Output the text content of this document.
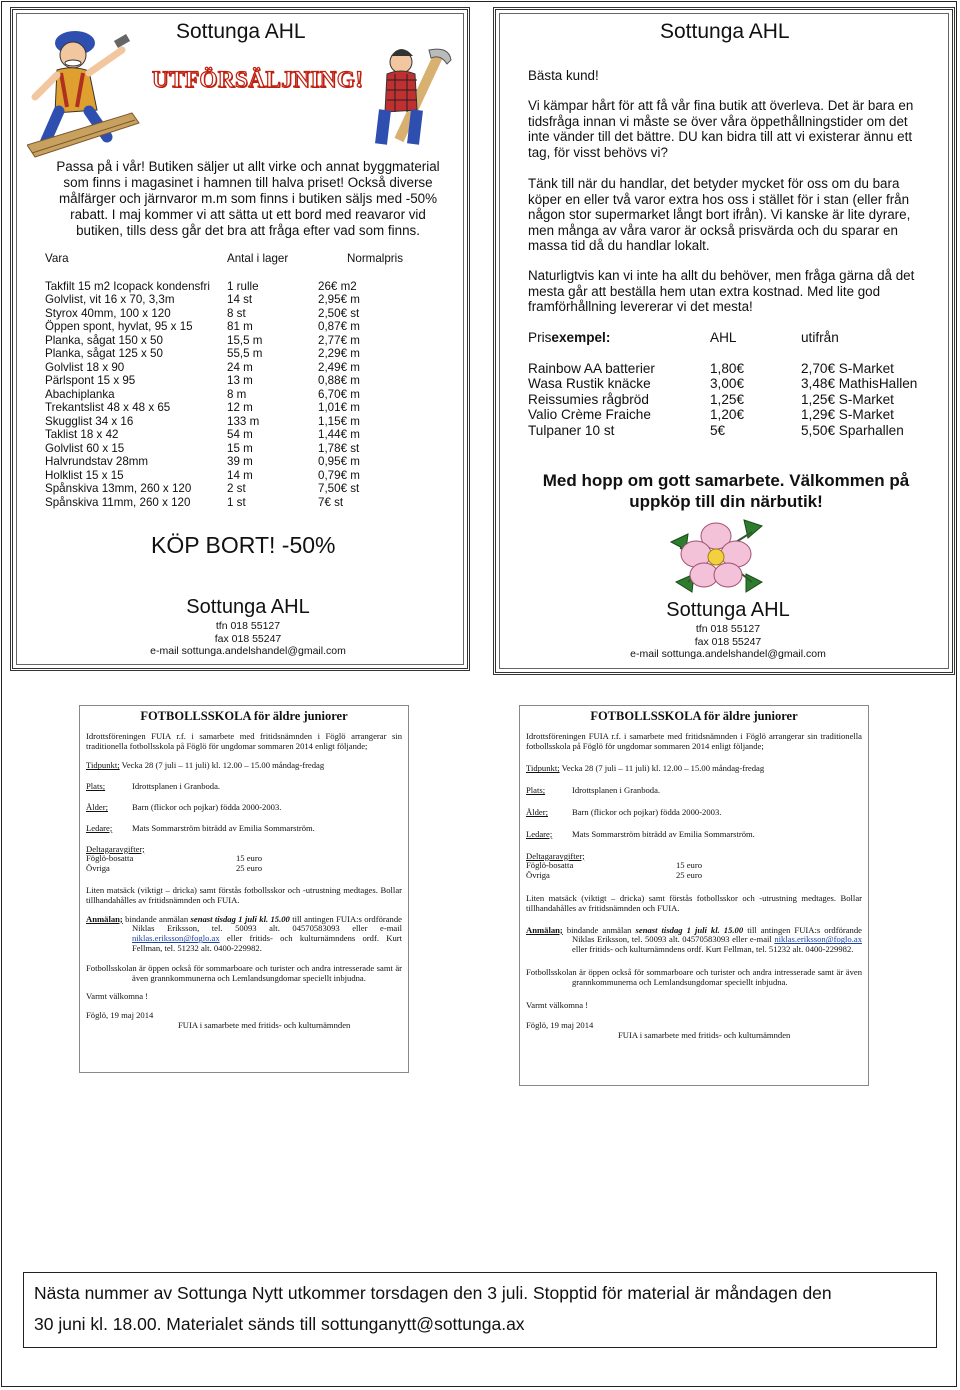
Sottunga AHL
UTFÖRSÄLJNING!

Passa på i vår! Butiken säljer ut allt virke och annat byggmaterial

som finns i magasinet i hamnen till halva priset! Också diverse

målfärger och järnvaror m.m som finns i butiken säljs med -50%

rabatt. I maj kommer vi att sätta ut ett bord med reavaror vid

butiken, tills dess går det bra att fråga efter vad som finns.

Vara	Antal i lager	Normalpris
Takfilt 15 m2 Icopack kondensfri 1 rulle	26€ m2
Golvlist, vit 16 x 70, 3,3m	14 st	2,95€ m
Styrox 40mm, 100 x 120	8 st	2,50€ st
Öppen spont, hyvlat, 95 x 15	81 m	0,87€ m
Planka, sågat 150 x 50	15,5 m	2,77€ m
Planka, sågat 125 x 50	55,5 m	2,29€ m
Golvlist 18 x 90	24 m	2,49€ m
Pärlspont 15 x 95	13 m	0,88€ m
Abachiplanka	8 m	6,70€ m
Trekantslist 48 x 48 x 65	12 m	1,01€ m
Skugglist 34 x 16	133 m	1,15€ m
Taklist 18 x 42	54 m	1,44€ m
Golvlist 60 x 15	15 m	1,78€ st
Halvrundstav 28mm	39 m	0,95€ m
Holklist 15 x 15	14 m	0,79€ m
Spånskiva 13mm, 260 x 120	2 st	7,50€ st
Spånskiva 11mm, 260 x 120	1 st	7€ st
KÖP BORT! -50%
Sottunga AHL
tfn 018 55127
fax 018 55247
e-mail sottunga.andelshandel@gmail.com
Sottunga AHL
Bästa kund!

Vi kämpar hårt för att få vår fina butik att överleva. Det är bara en

tidsfråga innan vi måste se över våra öppethållningstider om det

inte vänder till det bättre. DU kan bidra till att vi existerar ännu ett

tag, för visst behövs vi?

Tänk till när du handlar, det betyder mycket för oss om du bara

köper en eller två varor extra hos oss i stället för i stan (eller från

någon stor supermarket långt bort ifrån). Vi kanske är lite dyrare,

men många av våra varor är också prisvärda och du sparar en

massa tid då du handlar lokalt.

Naturligtvis kan vi inte ha allt du behöver, men fråga gärna då det

mesta går att beställa hem utan extra kostnad. Med lite god

framförhållning levererar vi det mesta!

Prisexempel:	AHL	utifrån
Rainbow AA batterier	1,80€	2,70€ S-Market
Wasa Rustik knäcke	3,00€	3,48€ MathisHallen
Reissumies rågbröd	1,25€	1,25€ S-Market
Valio Crème Fraiche	1,20€	1,29€ S-Market
Tulpaner 10 st	5€	5,50€ Sparhallen
Med hopp om gott samarbete. Välkommen på
uppköp till din närbutik!
Sottunga AHL
tfn 018 55127
fax 018 55247
e-mail sottunga.andelshandel@gmail.com
FOTBOLLSSKOLA för äldre juniorer
Idrottsföreningen FUIA r.f. i samarbete med fritidsnämnden i Föglö arrangerar sin traditionella fotbollsskola på Föglö för ungdomar sommaren 2014 enligt följande;
Tidpunkt; Vecka 28 (7 juli – 11 juli) kl. 12.00 – 15.00 måndag-fredag
Plats;	Idrottsplanen i Granboda.
Ålder;	Barn (flickor och pojkar) födda 2000-2003.
Ledare; Mats Sommarström biträdd av Emilia Sommarström.
Deltagaravgifter;
Föglö-bosatta	15 euro
Övriga	25 euro
Liten matsäck (viktigt – dricka) samt förstås fotbollsskor och -utrustning medtages. Bollar tillhandahålles av fritidsnämnden och FUIA.
Anmälan; bindande anmälan senast tisdag 1 juli kl. 15.00 till antingen FUIA:s ordförande Niklas Eriksson, tel. 50093 alt. 04570583093 eller e-mail niklas.eriksson@foglo.ax eller fritids- och kulturnämndens ordf. Kurt Fellman, tel. 51232 alt. 0400-229982.
Fotbollsskolan är öppen också för sommarboare och turister och andra intresserade samt är även grannkommunerna och Lemlandsungdomar speciellt inbjudna.
Varmt välkomna !
Föglö, 19 maj 2014
FUIA i samarbete med fritids- och kulturnämnden
FOTBOLLSSKOLA för äldre juniorer
Idrottsföreningen FUIA r.f. i samarbete med fritidsnämnden i Föglö arrangerar sin traditionella fotbollsskola på Föglö för ungdomar sommaren 2014 enligt följande;
Tidpunkt; Vecka 28 (7 juli – 11 juli) kl. 12.00 – 15.00 måndag-fredag
Plats;	Idrottsplanen i Granboda.
Ålder;	Barn (flickor och pojkar) födda 2000-2003.
Ledare; Mats Sommarström biträdd av Emilia Sommarström.
Deltagaravgifter;
Föglö-bosatta	15 euro
Övriga	25 euro
Liten matsäck (viktigt – dricka) samt förstås fotbollsskor och -utrustning medtages. Bollar tillhandahålles av fritidsnämnden och FUIA.
Anmälan; bindande anmälan senast tisdag 1 juli kl. 15.00 till antingen FUIA:s ordförande Niklas Eriksson, tel. 50093 alt. 04570583093 eller e-mail niklas.eriksson@foglo.ax eller fritids- och kulturnämndens ordf. Kurt Fellman, tel. 51232 alt. 0400-229982.
Fotbollsskolan är öppen också för sommarboare och turister och andra intresserade samt är även grannkommunerna och Lemlandsungdomar speciellt inbjudna.
Varmt välkomna !
Föglö, 19 maj 2014
FUIA i samarbete med fritids- och kulturnämnden
Nästa nummer av Sottunga Nytt utkommer torsdagen den 3 juli. Stopptid för material är måndagen den
30 juni kl. 18.00. Materialet sänds till sottunganytt@sottunga.ax
